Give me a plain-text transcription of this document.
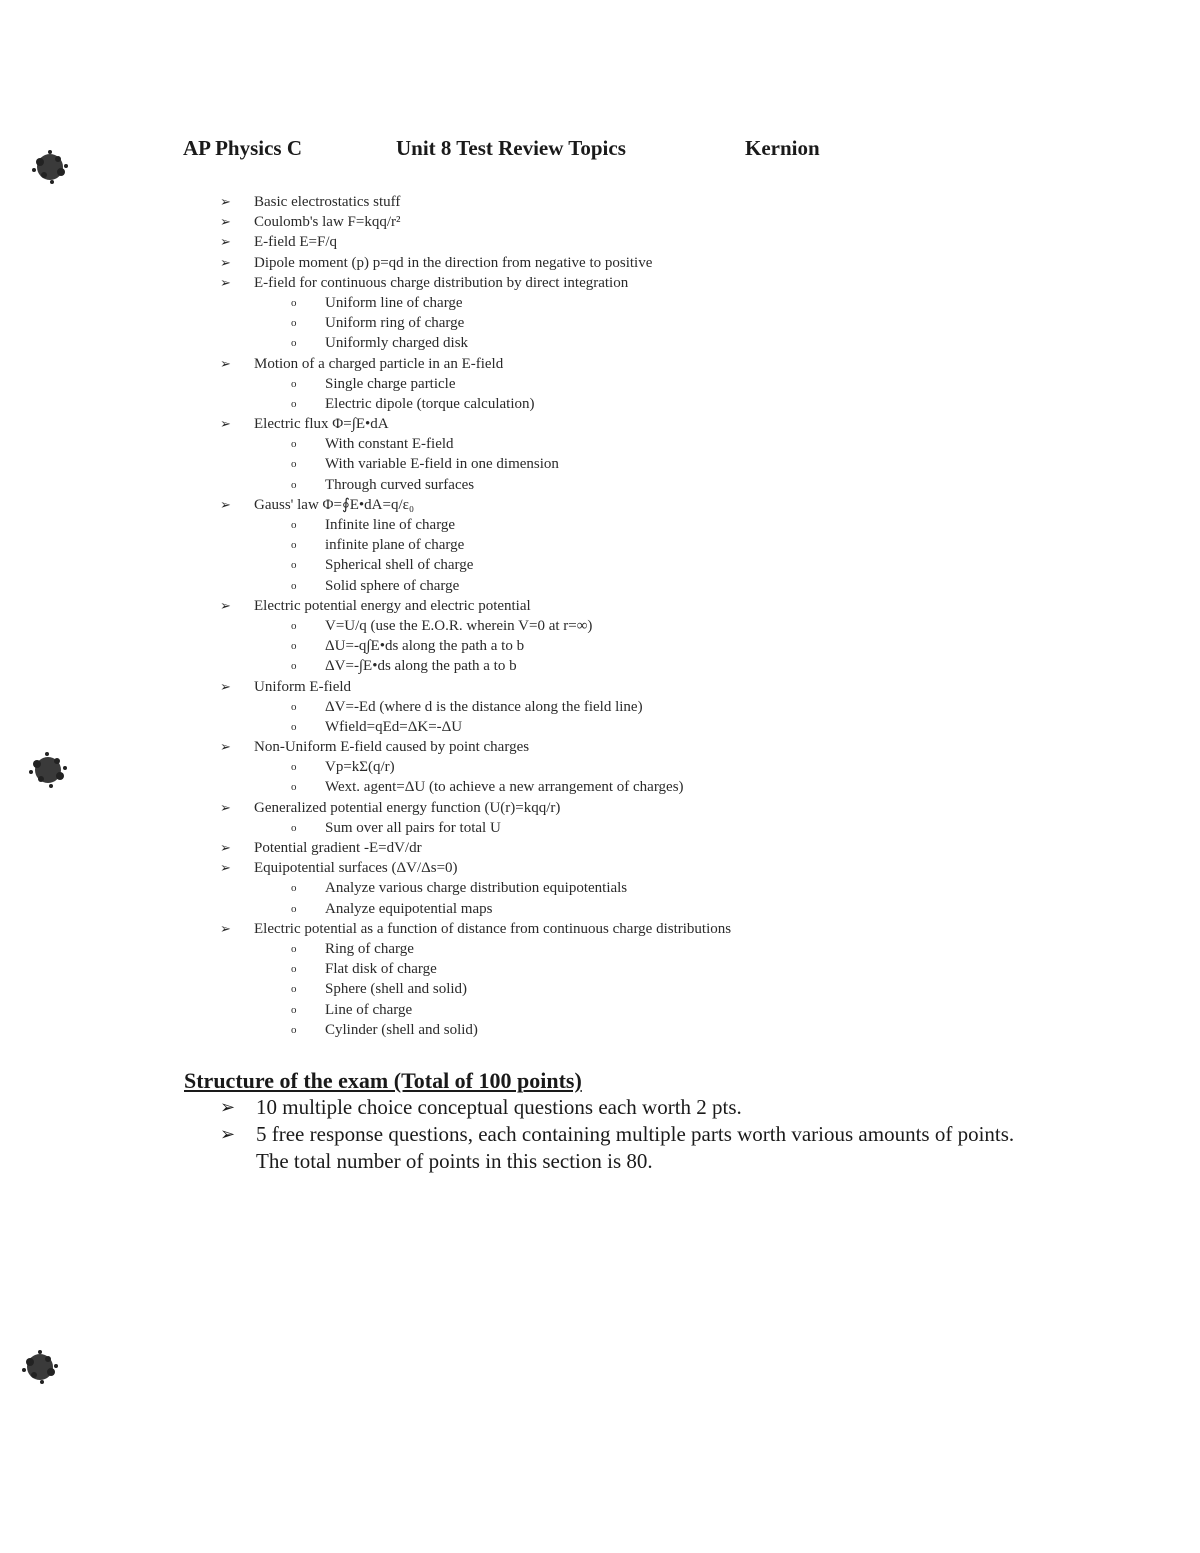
AP Physics C	Unit 8 Test Review Topics	Kernion
➢ Basic electrostatics stuff
➢ Coulomb's law F=kqq/r²
➢ E-field E=F/q
➢ Dipole moment (p) p=qd in the direction from negative to positive
➢ E-field for continuous charge distribution by direct integration
o Uniform line of charge
o Uniform ring of charge
o Uniformly charged disk
➢ Motion of a charged particle in an E-field
o Single charge particle
o Electric dipole (torque calculation)
➢ Electric flux Φ=∫E•dA
o With constant E-field
o With variable E-field in one dimension
o Through curved surfaces
➢ Gauss' law Φ=∮E•dA=q/ε₀
o Infinite line of charge
o infinite plane of charge
o Spherical shell of charge
o Solid sphere of charge
➢ Electric potential energy and electric potential
o V=U/q (use the E.O.R. wherein V=0 at r=∞)
o ΔU=-q∫E•ds along the path a to b
o ΔV=-∫E•ds along the path a to b
➢ Uniform E-field
o ΔV=-Ed (where d is the distance along the field line)
o Wfield=qEd=ΔK=-ΔU
➢ Non-Uniform E-field caused by point charges
o Vp=kΣ(q/r)
o Wext. agent=ΔU (to achieve a new arrangement of charges)
➢ Generalized potential energy function (U(r)=kqq/r)
o Sum over all pairs for total U
➢ Potential gradient -E=dV/dr
➢ Equipotential surfaces (ΔV/Δs=0)
o Analyze various charge distribution equipotentials
o Analyze equipotential maps
➢ Electric potential as a function of distance from continuous charge distributions
o Ring of charge
o Flat disk of charge
o Sphere (shell and solid)
o Line of charge
o Cylinder (shell and solid)
Structure of the exam (Total of 100 points)
➢ 10 multiple choice conceptual questions each worth 2 pts.
➢ 5 free response questions, each containing multiple parts worth various amounts of points. The total number of points in this section is 80.
